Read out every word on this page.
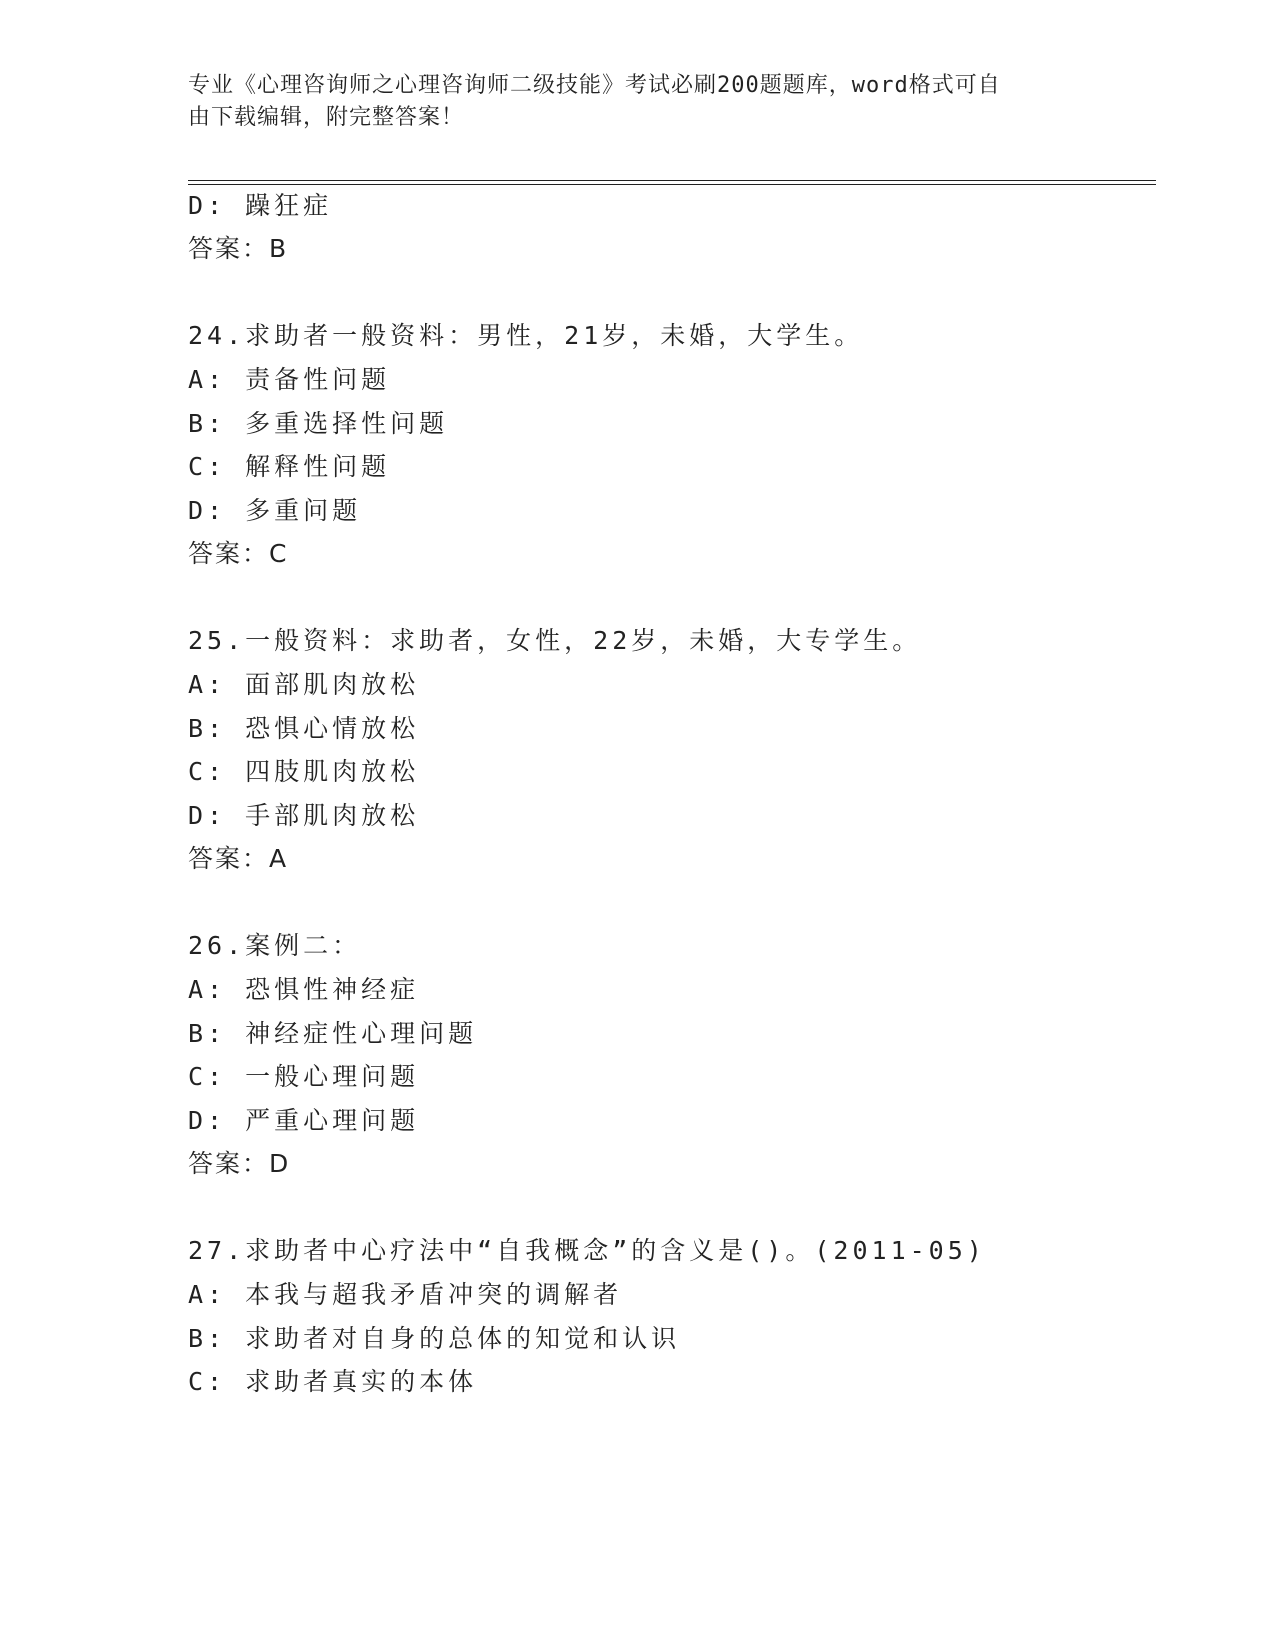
专业《心理咨询师之心理咨询师二级技能》考试必刷200题题库，word格式可自
由下载编辑，附完整答案！
D: 躁狂症
答案：B
24.求助者一般资料：男性，21岁，未婚，大学生。
A: 责备性问题
B: 多重选择性问题
C: 解释性问题
D: 多重问题
答案：C
25.一般资料：求助者，女性，22岁，未婚，大专学生。
A: 面部肌肉放松
B: 恐惧心情放松
C: 四肢肌肉放松
D: 手部肌肉放松
答案：A
26.案例二：
A: 恐惧性神经症
B: 神经症性心理问题
C: 一般心理问题
D: 严重心理问题
答案：D
27.求助者中心疗法中“自我概念”的含义是()。(2011-05)
A: 本我与超我矛盾冲突的调解者
B: 求助者对自身的总体的知觉和认识
C: 求助者真实的本体
